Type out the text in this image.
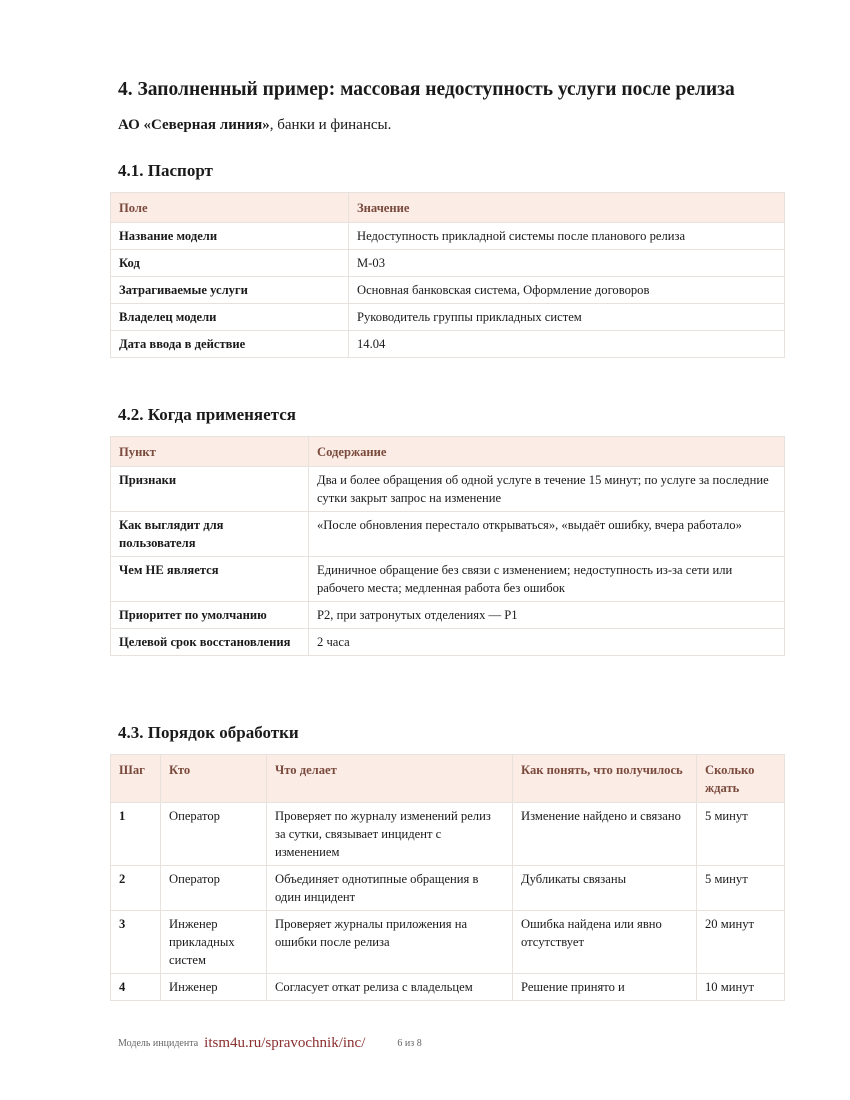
4. Заполненный пример: массовая недоступность услуги после релиза

АО «Северная линия», банки и финансы.

4.1. Паспорт
Поле	Значение
Название модели	Недоступность прикладной системы после планового релиза
Код	М-03
Затрагиваемые услуги	Основная банковская система, Оформление договоров
Владелец модели	Руководитель группы прикладных систем
Дата ввода в действие	14.04
4.2. Когда применяется
Пункт	Содержание
Признаки	Два и более обращения об одной услуге в течение 15 минут; по услуге за последние сутки закрыт запрос на изменение
Как выглядит для пользователя	«После обновления перестало открываться», «выдаёт ошибку, вчера работало»
Чем НЕ является	Единичное обращение без связи с изменением; недоступность из-за сети или рабочего места; медленная работа без ошибок
Приоритет по умолчанию	P2, при затронутых отделениях — P1
Целевой срок восстановления	2 часа
4.3. Порядок обработки
Шаг	Кто	Что делает	Как понять, что получилось	Сколько ждать
1	Оператор	Проверяет по журналу изменений релиз за сутки, связывает инцидент с изменением	Изменение найдено и связано	5 минут
2	Оператор	Объединяет однотипные обращения в один инцидент	Дубликаты связаны	5 минут
3	Инженер прикладных систем	Проверяет журналы приложения на ошибки после релиза	Ошибка найдена или явно отсутствует	20 минут
4	Инженер	Согласует откат релиза с владельцем	Решение принято и	10 минут
Модель инцидента itsm4u.ru/spravochnik/inc/	6 из 8
